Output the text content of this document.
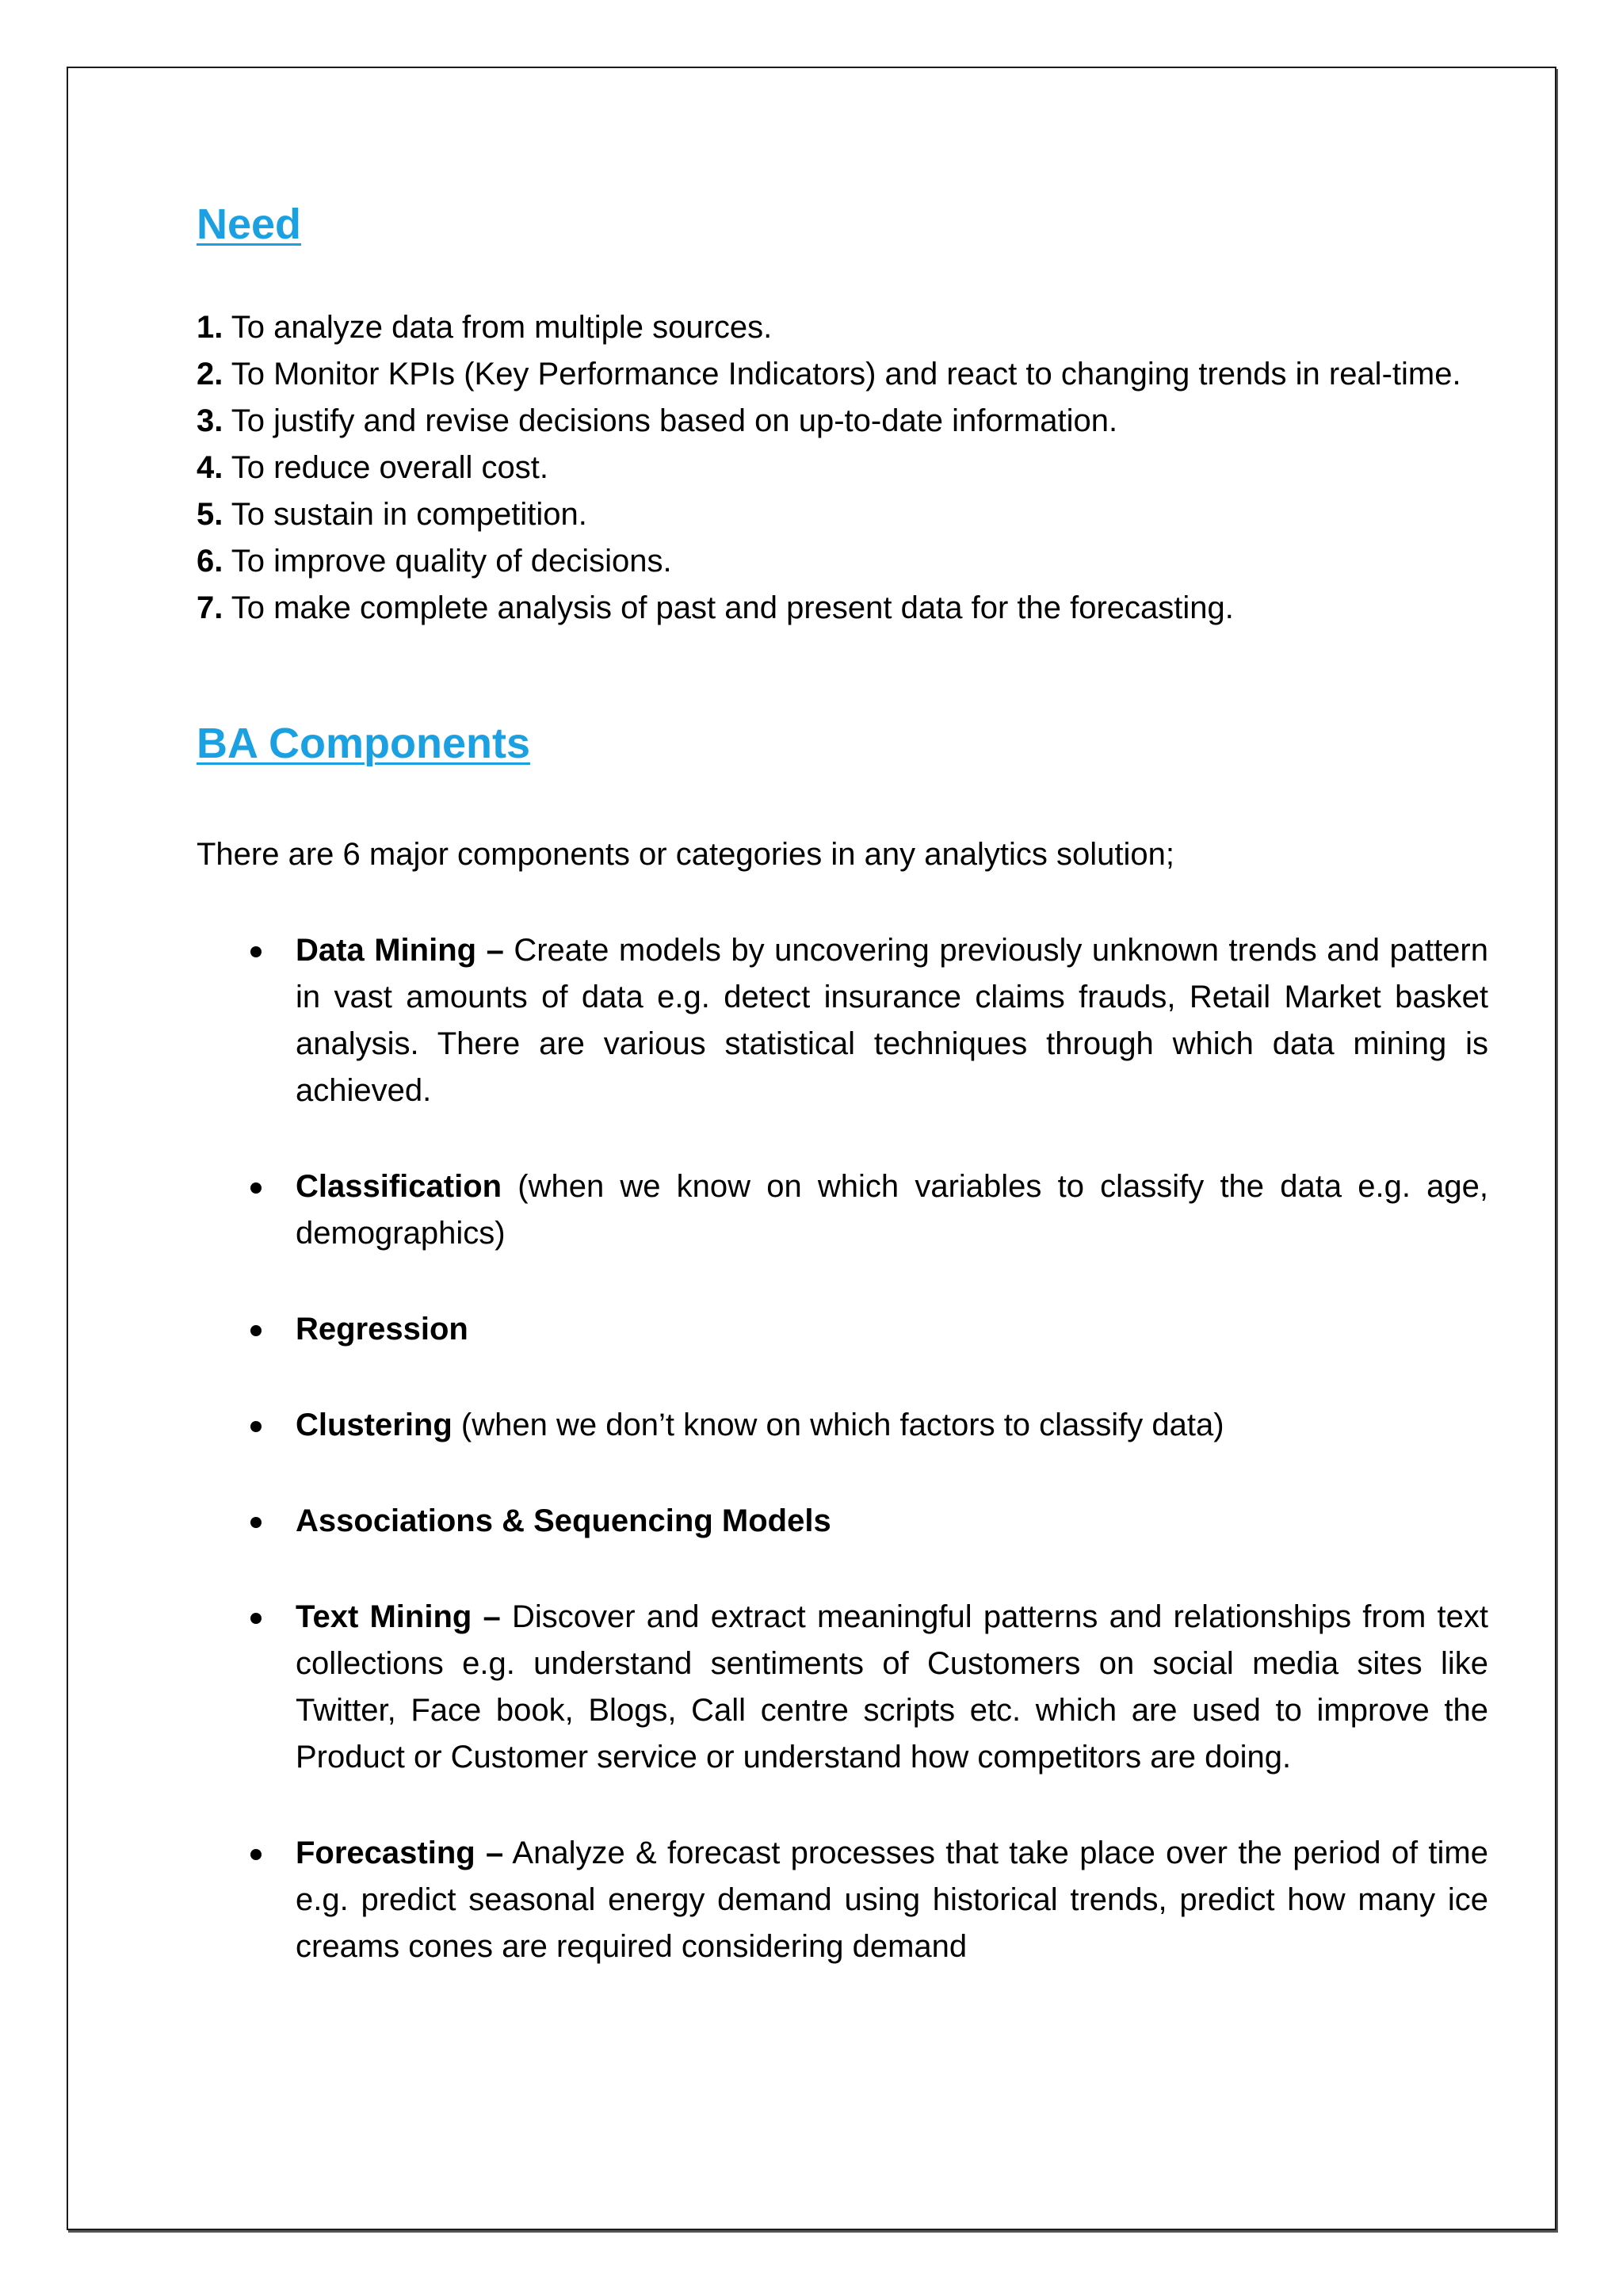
Need
1. To analyze data from multiple sources.
2. To Monitor KPIs (Key Performance Indicators) and react to changing trends in real-time.
3. To justify and revise decisions based on up-to-date information.
4. To reduce overall cost.
5. To sustain in competition.
6. To improve quality of decisions.
7. To make complete analysis of past and present data for the forecasting.
BA Components

There are 6 major components or categories in any analytics solution;

Data Mining – Create models by uncovering previously unknown trends and pattern in vast amounts of data e.g. detect insurance claims frauds, Retail Market basket analysis. There are various statistical techniques through which data mining is achieved.
Classification (when we know on which variables to classify the data e.g. age, demographics)
Regression
Clustering (when we don’t know on which factors to classify data)
Associations & Sequencing Models
Text Mining – Discover and extract meaningful patterns and relationships from text collections e.g. understand sentiments of Customers on social media sites like Twitter, Face book, Blogs, Call centre scripts etc. which are used to improve the Product or Customer service or understand how competitors are doing.
Forecasting – Analyze & forecast processes that take place over the period of time e.g. predict seasonal energy demand using historical trends, predict how many ice creams cones are required considering demand
